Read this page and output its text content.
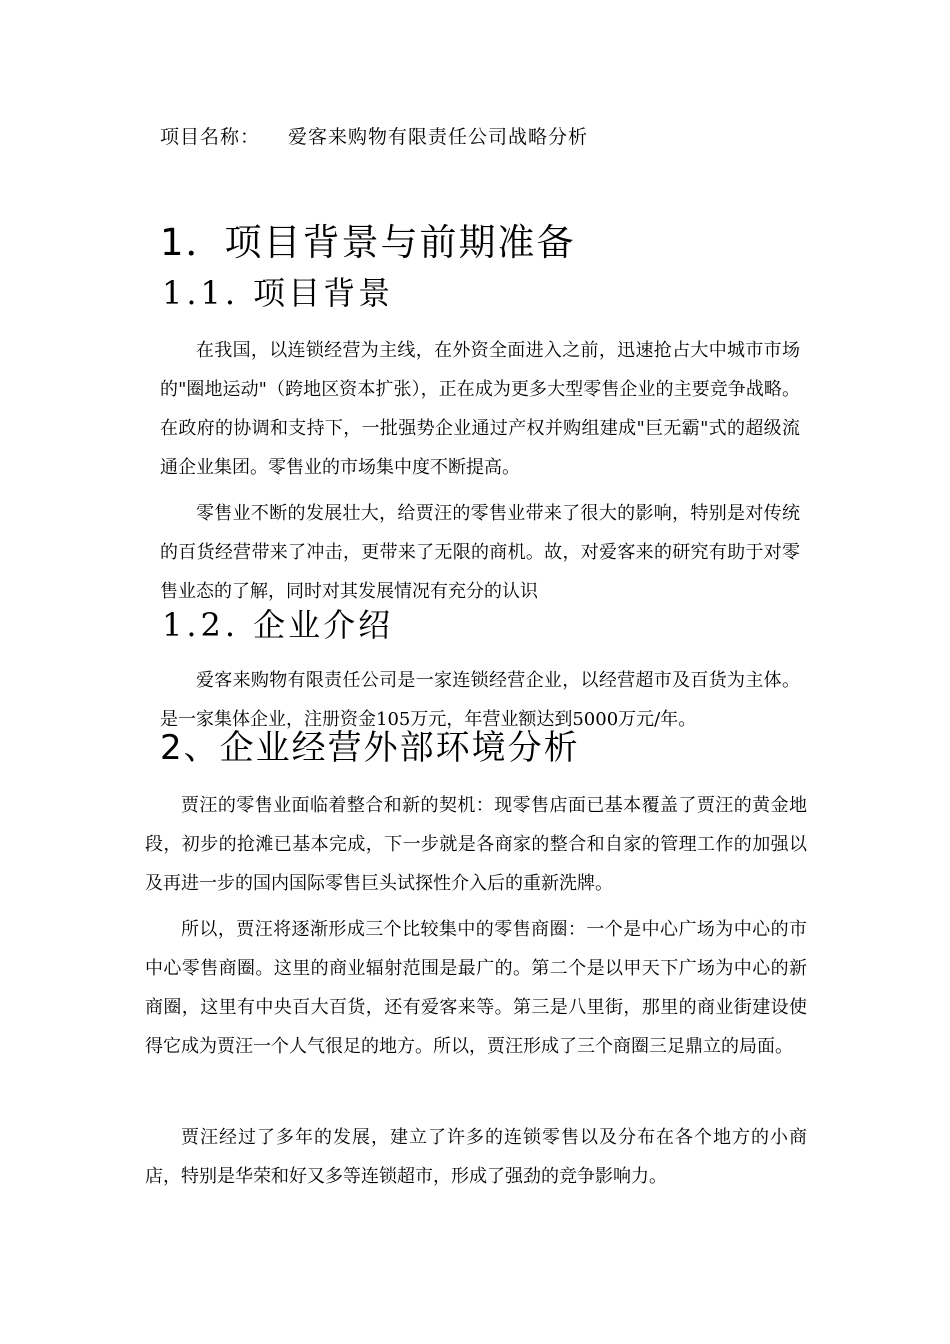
项目名称： 爱客来购物有限责任公司战略分析
1．项目背景与前期准备
1.1. 项目背景

在我国，以连锁经营为主线，在外资全面进入之前，迅速抢占大中城市市场的"圈地运动"（跨地区资本扩张），正在成为更多大型零售企业的主要竞争战略。在政府的协调和支持下，一批强势企业通过产权并购组建成"巨无霸"式的超级流通企业集团。零售业的市场集中度不断提高。

零售业不断的发展壮大，给贾汪的零售业带来了很大的影响，特别是对传统的百货经营带来了冲击，更带来了无限的商机。故，对爱客来的研究有助于对零售业态的了解，同时对其发展情况有充分的认识

1.2. 企业介绍

爱客来购物有限责任公司是一家连锁经营企业，以经营超市及百货为主体。是一家集体企业，注册资金105万元，年营业额达到5000万元/年。

2、企业经营外部环境分析

贾汪的零售业面临着整合和新的契机：现零售店面已基本覆盖了贾汪的黄金地段，初步的抢滩已基本完成，下一步就是各商家的整合和自家的管理工作的加强以及再进一步的国内国际零售巨头试探性介入后的重新洗牌。

所以，贾汪将逐渐形成三个比较集中的零售商圈：一个是中心广场为中心的市中心零售商圈。这里的商业辐射范围是最广的。第二个是以甲天下广场为中心的新商圈，这里有中央百大百货，还有爱客来等。第三是八里街，那里的商业街建设使得它成为贾汪一个人气很足的地方。所以，贾汪形成了三个商圈三足鼎立的局面。

贾汪经过了多年的发展，建立了许多的连锁零售以及分布在各个地方的小商店，特别是华荣和好又多等连锁超市，形成了强劲的竞争影响力。
